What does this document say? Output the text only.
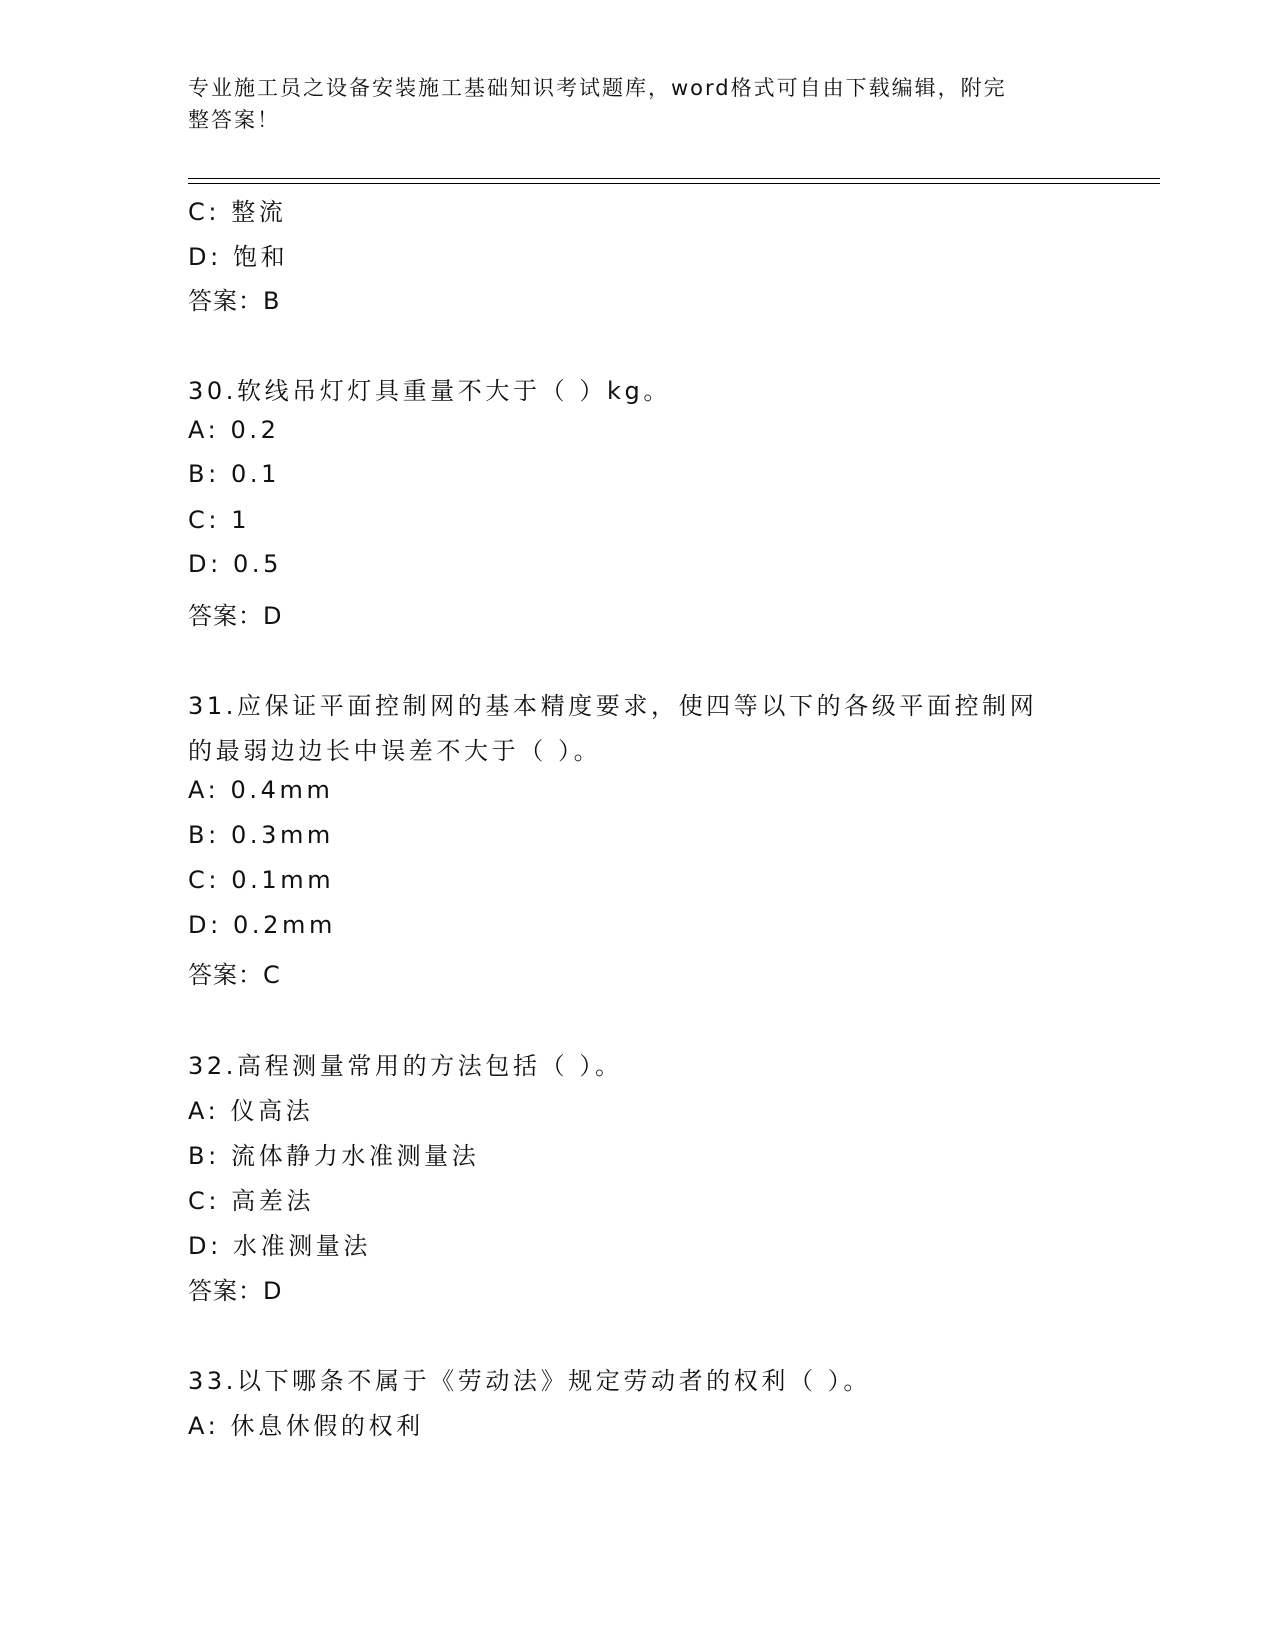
专业施工员之设备安装施工基础知识考试题库，word格式可自由下载编辑，附完
整答案！
C: 整流
D: 饱和
答案：B
30.软线吊灯灯具重量不大于（ ）kg。
A: 0.2
B: 0.1
C: 1
D: 0.5
答案：D
31.应保证平面控制网的基本精度要求，使四等以下的各级平面控制网
的最弱边边长中误差不大于（ ）。
A: 0.4mm
B: 0.3mm
C: 0.1mm
D: 0.2mm
答案：C
32.高程测量常用的方法包括（ ）。
A: 仪高法
B: 流体静力水准测量法
C: 高差法
D: 水准测量法
答案：D
33.以下哪条不属于《劳动法》规定劳动者的权利（ ）。
A: 休息休假的权利
